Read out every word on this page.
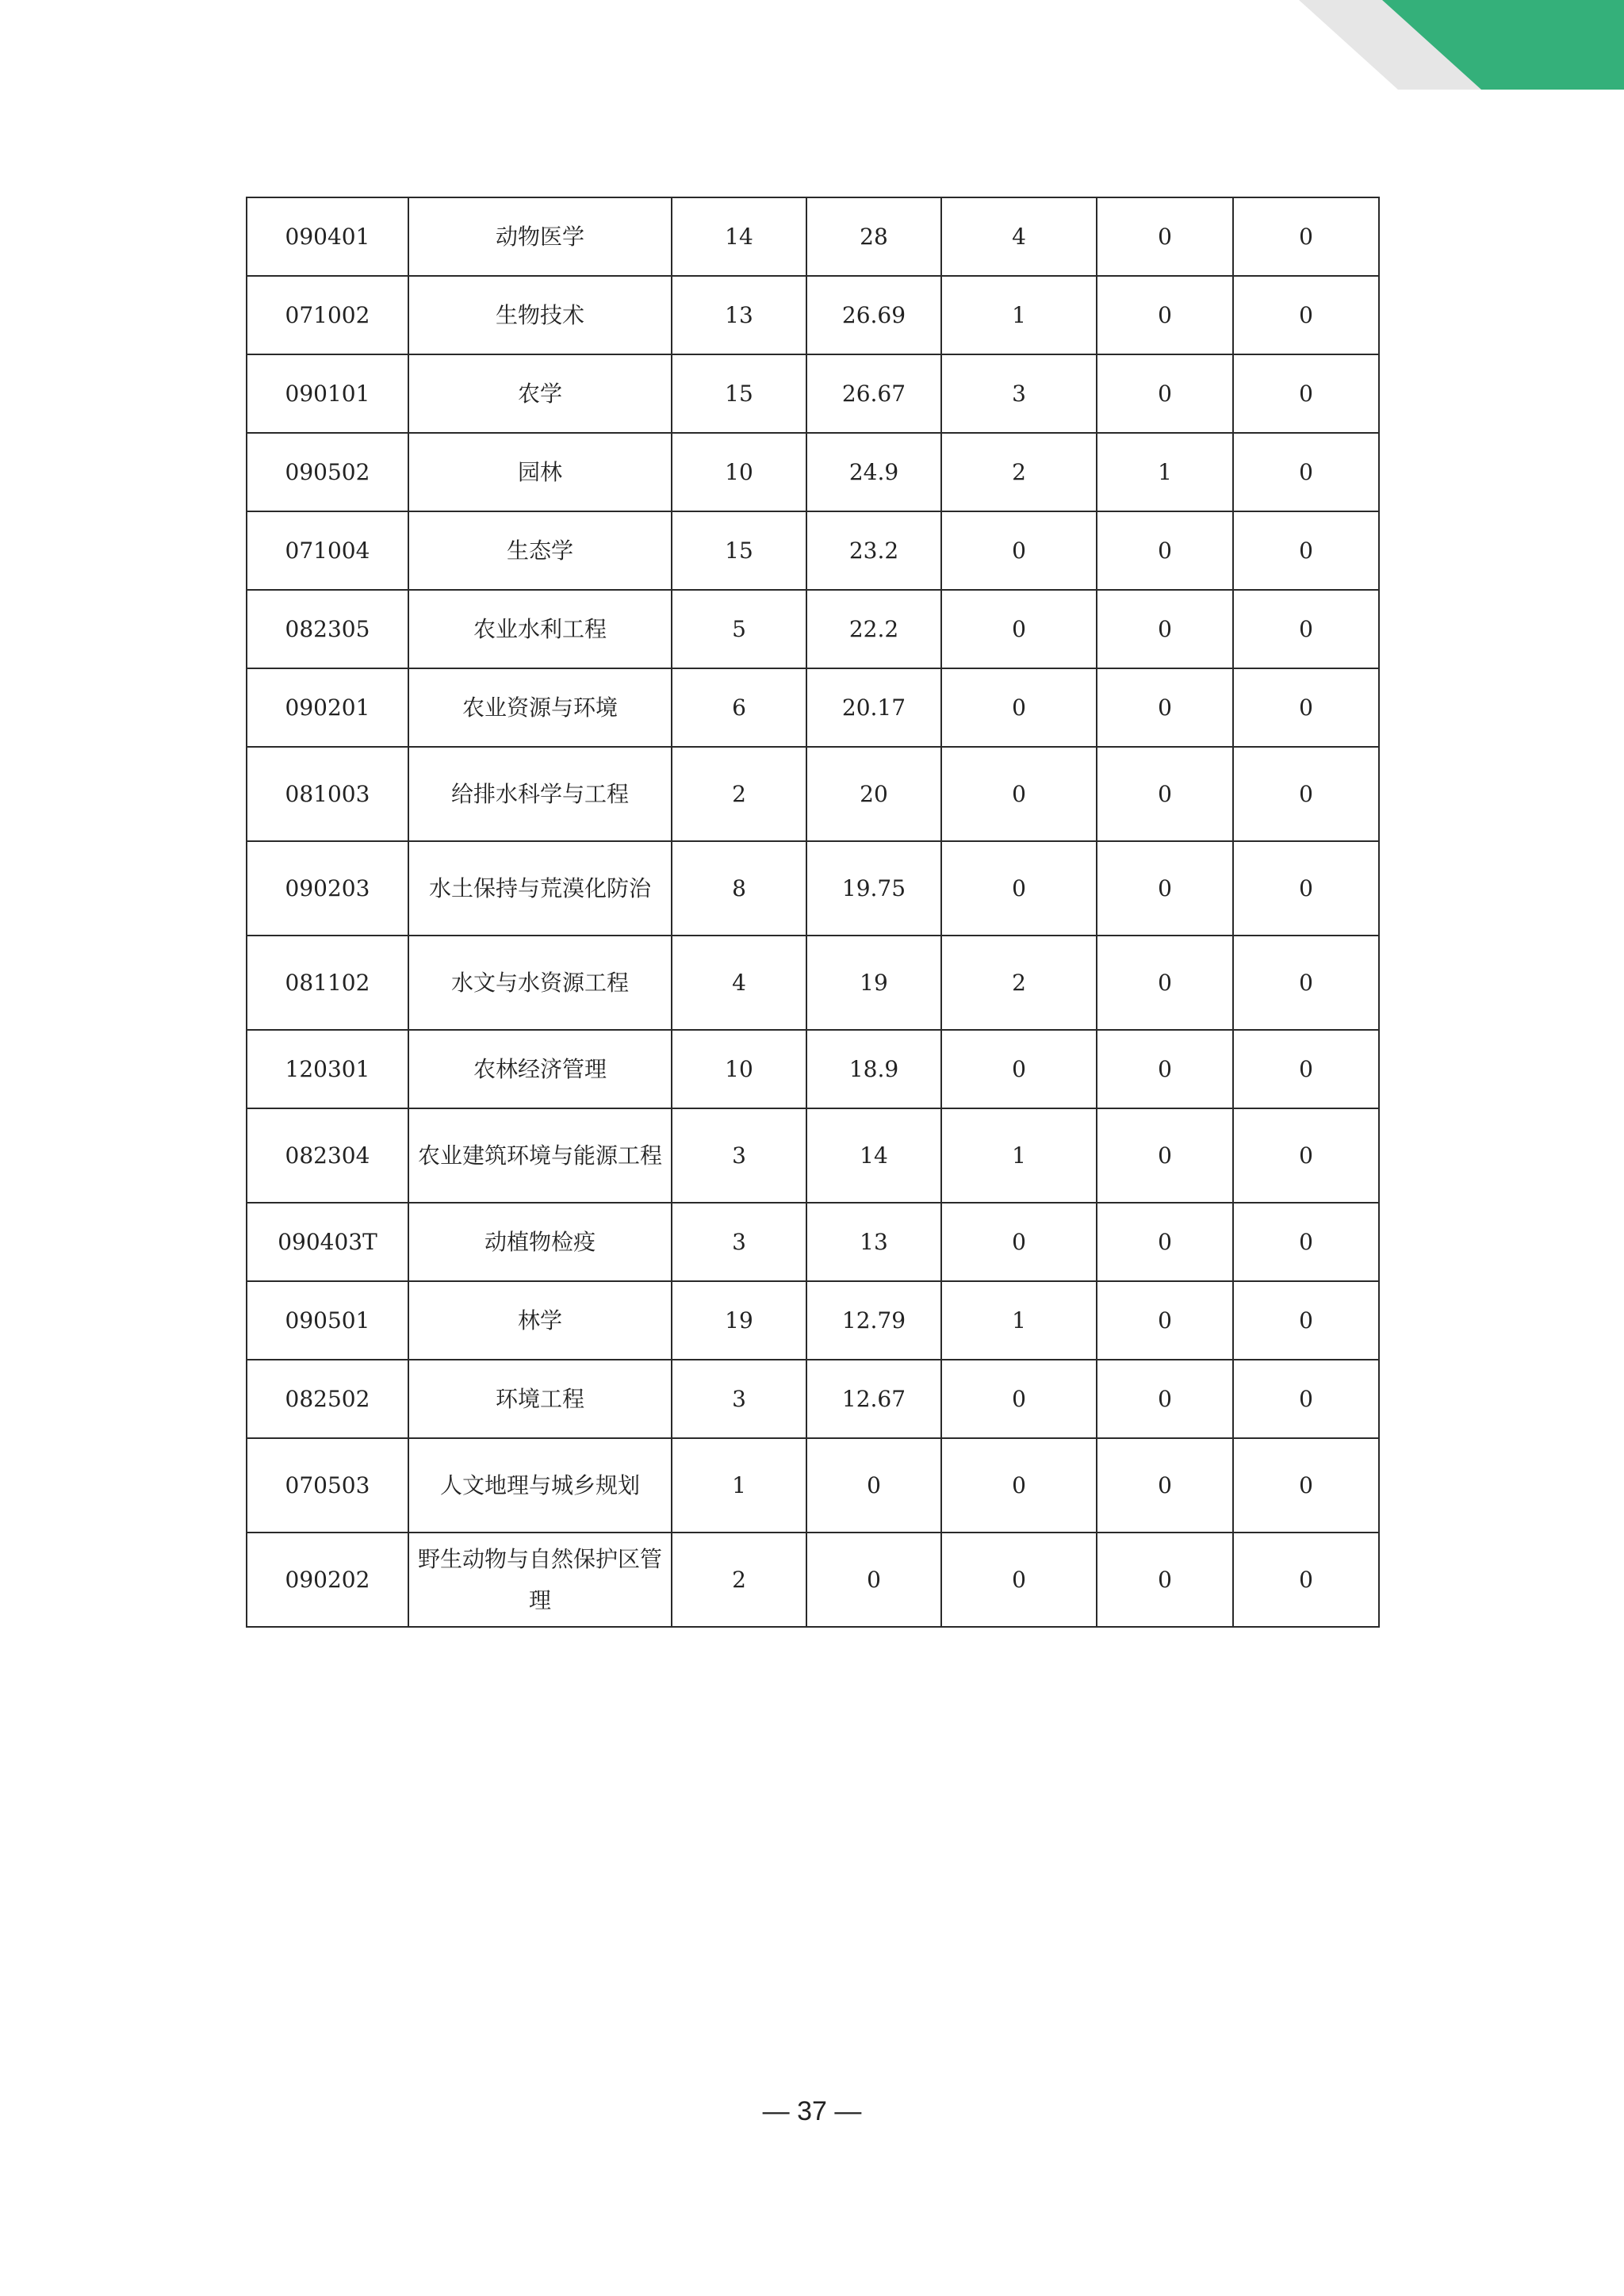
090401	动物医学	14	28	4	0	0
071002	生物技术	13	26.69	1	0	0
090101	农学	15	26.67	3	0	0
090502	园林	10	24.9	2	1	0
071004	生态学	15	23.2	0	0	0
082305	农业水利工程	5	22.2	0	0	0
090201	农业资源与环境	6	20.17	0	0	0
081003	给排水科学与工程	2	20	0	0	0
090203	水土保持与荒漠化防治	8	19.75	0	0	0
081102	水文与水资源工程	4	19	2	0	0
120301	农林经济管理	10	18.9	0	0	0
082304	农业建筑环境与能源工程	3	14	1	0	0
090403T	动植物检疫	3	13	0	0	0
090501	林学	19	12.79	1	0	0
082502	环境工程	3	12.67	0	0	0
070503	人文地理与城乡规划	1	0	0	0	0
090202	野生动物与自然保护区管理	2	0	0	0	0
— 37 —
